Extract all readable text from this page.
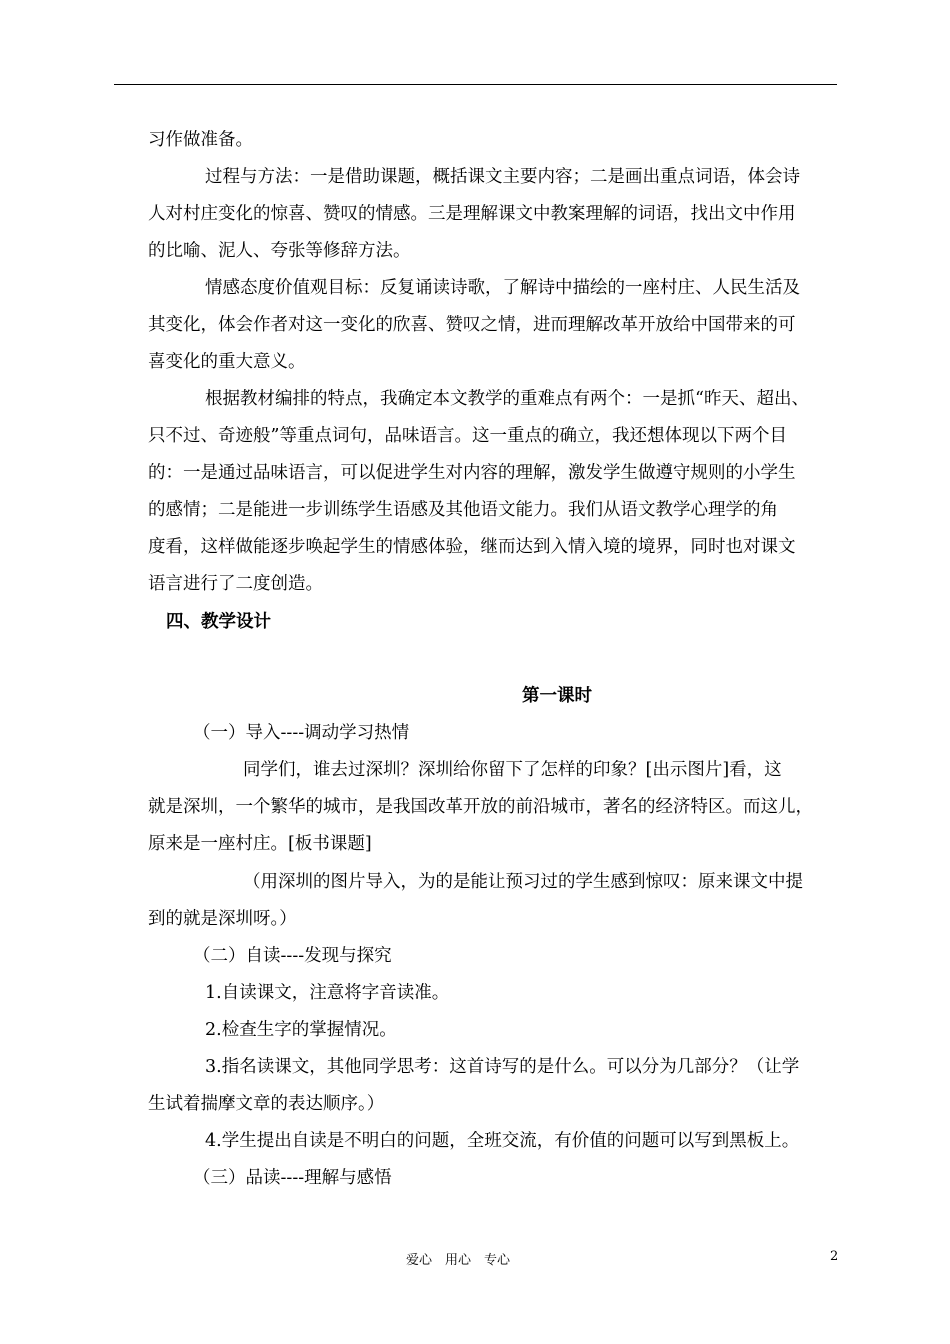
习作做准备。
过程与方法：一是借助课题，概括课文主要内容；二是画出重点词语，体会诗
人对村庄变化的惊喜、赞叹的情感。三是理解课文中教案理解的词语，找出文中作用
的比喻、泥人、夸张等修辞方法。
情感态度价值观目标：反复诵读诗歌，了解诗中描绘的一座村庄、人民生活及
其变化，体会作者对这一变化的欣喜、赞叹之情，进而理解改革开放给中国带来的可
喜变化的重大意义。
根据教材编排的特点，我确定本文教学的重难点有两个：一是抓“昨天、超出、
只不过、奇迹般”等重点词句，品味语言。这一重点的确立，我还想体现以下两个目
的：一是通过品味语言，可以促进学生对内容的理解，激发学生做遵守规则的小学生
的感情；二是能进一步训练学生语感及其他语文能力。我们从语文教学心理学的角
度看，这样做能逐步唤起学生的情感体验，继而达到入情入境的境界，同时也对课文
语言进行了二度创造。
四、教学设计
第一课时
（一）导入----调动学习热情
同学们，谁去过深圳？深圳给你留下了怎样的印象？[出示图片]看，这
就是深圳，一个繁华的城市，是我国改革开放的前沿城市，著名的经济特区。而这儿，
原来是一座村庄。[板书课题]
（用深圳的图片导入，为的是能让预习过的学生感到惊叹：原来课文中提
到的就是深圳呀。）
（二）自读----发现与探究
1.自读课文，注意将字音读准。
2.检查生字的掌握情况。
3.指名读课文，其他同学思考：这首诗写的是什么。可以分为几部分？（让学
生试着揣摩文章的表达顺序。）
4.学生提出自读是不明白的问题，全班交流，有价值的问题可以写到黑板上。
（三）品读----理解与感悟
爱心　用心　专心	2
